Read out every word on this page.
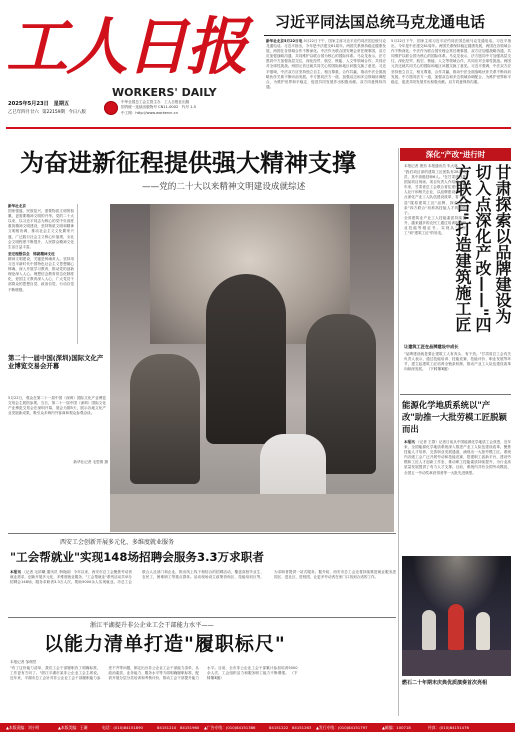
工人日报
WORKERS' DAILY
2025年5月23日 星期五
乙巳年四月廿六 第22159期 今日八版
中华全国总工会主管主办　工人日报社出版
国内统一连续出版物号 CN11-0002　代号 1-5
中工网：http://www.workercn.cn
习近平同法国总统马克龙通电话
新华社北京5月22日电 5月22日下午，国家主席习近平应约同法国总统马克龙通电话。习近平指出，今年是中法建交61周年。两国关系保持稳定健康发展，两国在各领域合作不断深化。中法作为联合国安理会常任理事国，双方应加强战略沟通，共同维护以联合国为核心的国际体系。马克龙表示，法方愿同中方加强高层交往，深化经贸、航空、核能、人文等领域合作，共同应对全球性挑战。两国元首还就共同关心的国际和地区问题交换了意见。习近平强调，中法双方应坚持独立自主，相互尊重，合作共赢，推动中法全面战略伙伴关系不断向前发展。中方愿同法方一道，加强双边和多边领域协调配合，为维护世界和平稳定、促进共同发展作出积极贡献。双方同意保持沟通。
5月22日下午，国家主席习近平应约同法国总统马克龙通电话。习近平指出，今年是中法建交61周年。两国关系保持稳定健康发展，两国在各领域合作不断深化。中法作为联合国安理会常任理事国，双方应加强战略沟通，共同维护以联合国为核心的国际体系。马克龙表示，法方愿同中方加强高层交往，深化经贸、航空、核能、人文等领域合作，共同应对全球性挑战。两国元首还就共同关心的国际和地区问题交换了意见。习近平强调，中法双方应坚持独立自主，相互尊重，合作共赢，推动中法全面战略伙伴关系不断向前发展。中方愿同法方一道，加强双边和多边领域协调配合，为维护世界和平稳定、促进共同发展作出积极贡献。双方同意保持沟通。
为奋进新征程提供强大精神支撑
——党的二十大以来精神文明建设成就综述
新华社北京

国家强盛，民族复兴，需要物质文明的积累，更需要精神文明的升华。党的二十大以来，以习近平同志为核心的党中央高度重视精神文明建设，坚持物质文明和精神文明相协调，推动社会主义文化繁荣兴盛，广泛践行社会主义核心价值观，全社会文明程度不断提升，人民群众精神文化生活日益丰富。

坚定理想信念　铸就精神支柱

精神文明建设，关键是铸魂育人。坚持用习近平新时代中国特色社会主义思想凝心铸魂，深入开展学习教育，推动党的创新理论深入人心。理想信念教育常态化制度化，爱国主义教育深入人心，广大党员干部群众的思想自觉、政治自觉、行动自觉不断增强。

第二十一届中国(深圳)国际文化产业博览交易会开幕
5月22日，观众在第二十一届中国（深圳）国际文化产业博览交易会主展馆参观。当日，第二十一届中国（深圳）国际文化产业博览交易会在深圳开幕，展会为期5天，展示各地文化产业发展新成果，吸引众多海内外客商和观众参观洽谈。
新华社记者 毛思倩 摄
深化"产改"进行时
本报记者 康劲 本报通讯员 朱大林	甘肃探索以品牌建设为切入点深化产改——"四方联合"打造建筑施工匠

"我们项目部的建筑工匠团队有28名成员，其中高级技师6人。"在甘肃建投集团某项目现场，项目负责人介绍说。近年来，甘肃省总工会联合省住建厅、省人社厅和相关企业，以品牌建设为切入点深化产业工人队伍建设改革，着力打造"陇原建筑工匠"品牌，探索出一条"四方联合"培养高技能人才的新路子。

全省建筑业产业工人技能素质持续提升，越来越多的农民工通过培训取得职业技能等级证书，实现从"农民工"到"建筑工匠"的转变。

让建筑工匠在品牌建设中成长
"品牌建设就是要让建筑工人有奔头、有干劲。"甘肃省总工会有关负责人表示，通过技能培训、技能竞赛、技能评价、职业发展等环节，建立起建筑工匠培养全链条机制，推动产业工人队伍建设改革向纵深发展。 （下转第3版）
能源化学地质系统以"产改"助推一大批劳模工匠脱颖而出
本报讯 （记者 王群）记者日前从中国能源化学地质工会获悉，近年来，全国能源化学地质系统深入推进产业工人队伍建设改革，聚焦技能人才培养，完善职业发展通道，涌现出一大批劳模工匠。系统内各级工会广泛开展劳动和技能竞赛，搭建职工创新平台，建设劳模和工匠人才创新工作室，推动职工技能素质持续提升，为行业高质量发展提供了有力人才支撑。目前，系统内共有全国劳动模范、全国五一劳动奖章获得者等一大批先进典型。
燃石二十年期末庆典优质演奏首次亮相
西安工会创新开展多元化、多维度就业服务
"工会帮就业"实现148场招聘会服务3.3万求职者
本报讯 （记者 毛浓曦 通讯员 李晓丽）今年以来，西安市总工会聚焦劳动者就业需求，创新开展多元化、多维度就业服务，"工会帮就业"系列活动共举办招聘会148场，服务求职者3.3万人次，帮助5000余人实现就业。市总工会联合人社部门和企业，推出线上线下相结合的招聘活动，覆盖高校毕业生、农民工、困难职工等重点群体。活动现场设立政策咨询区、技能培训区等，为求职者提供一站式服务。据介绍，西安市总工会还将持续推进就业服务进园区、进社区、进校园，让更多劳动者在家门口找到合适的工作。
浙江平湖提升非公企业工会干部能力水平——
以能力清单打造"履职标尺"
本报记者 邹倜然
"有了这份能力清单，我们工会干部履职有了明确标准，工作更有方向了。"浙江平湖市某非公企业工会主席说。近年来，平湖市总工会针对非公企业工会干部履职能力参差不齐等问题，制定出台非公企业工会干部能力清单，从政治素质、业务能力、服务水平等方面明确履职标准，配套开展分层分类培训和考核评价，推动工会干部提升能力水平。目前，全市非公企业工会干部累计参加培训5000余人次，工会组织活力和服务职工能力不断增强。 （下转第3版）
▲本版责编：刘小明	▲本版美编：王珊	电话：(010)84151890	84151210 84151960	▲广告专线：(010)84151386	84151222 84151263	▲发行专线：(010)84151797	▲邮编：100718	传真：(010)84151476
